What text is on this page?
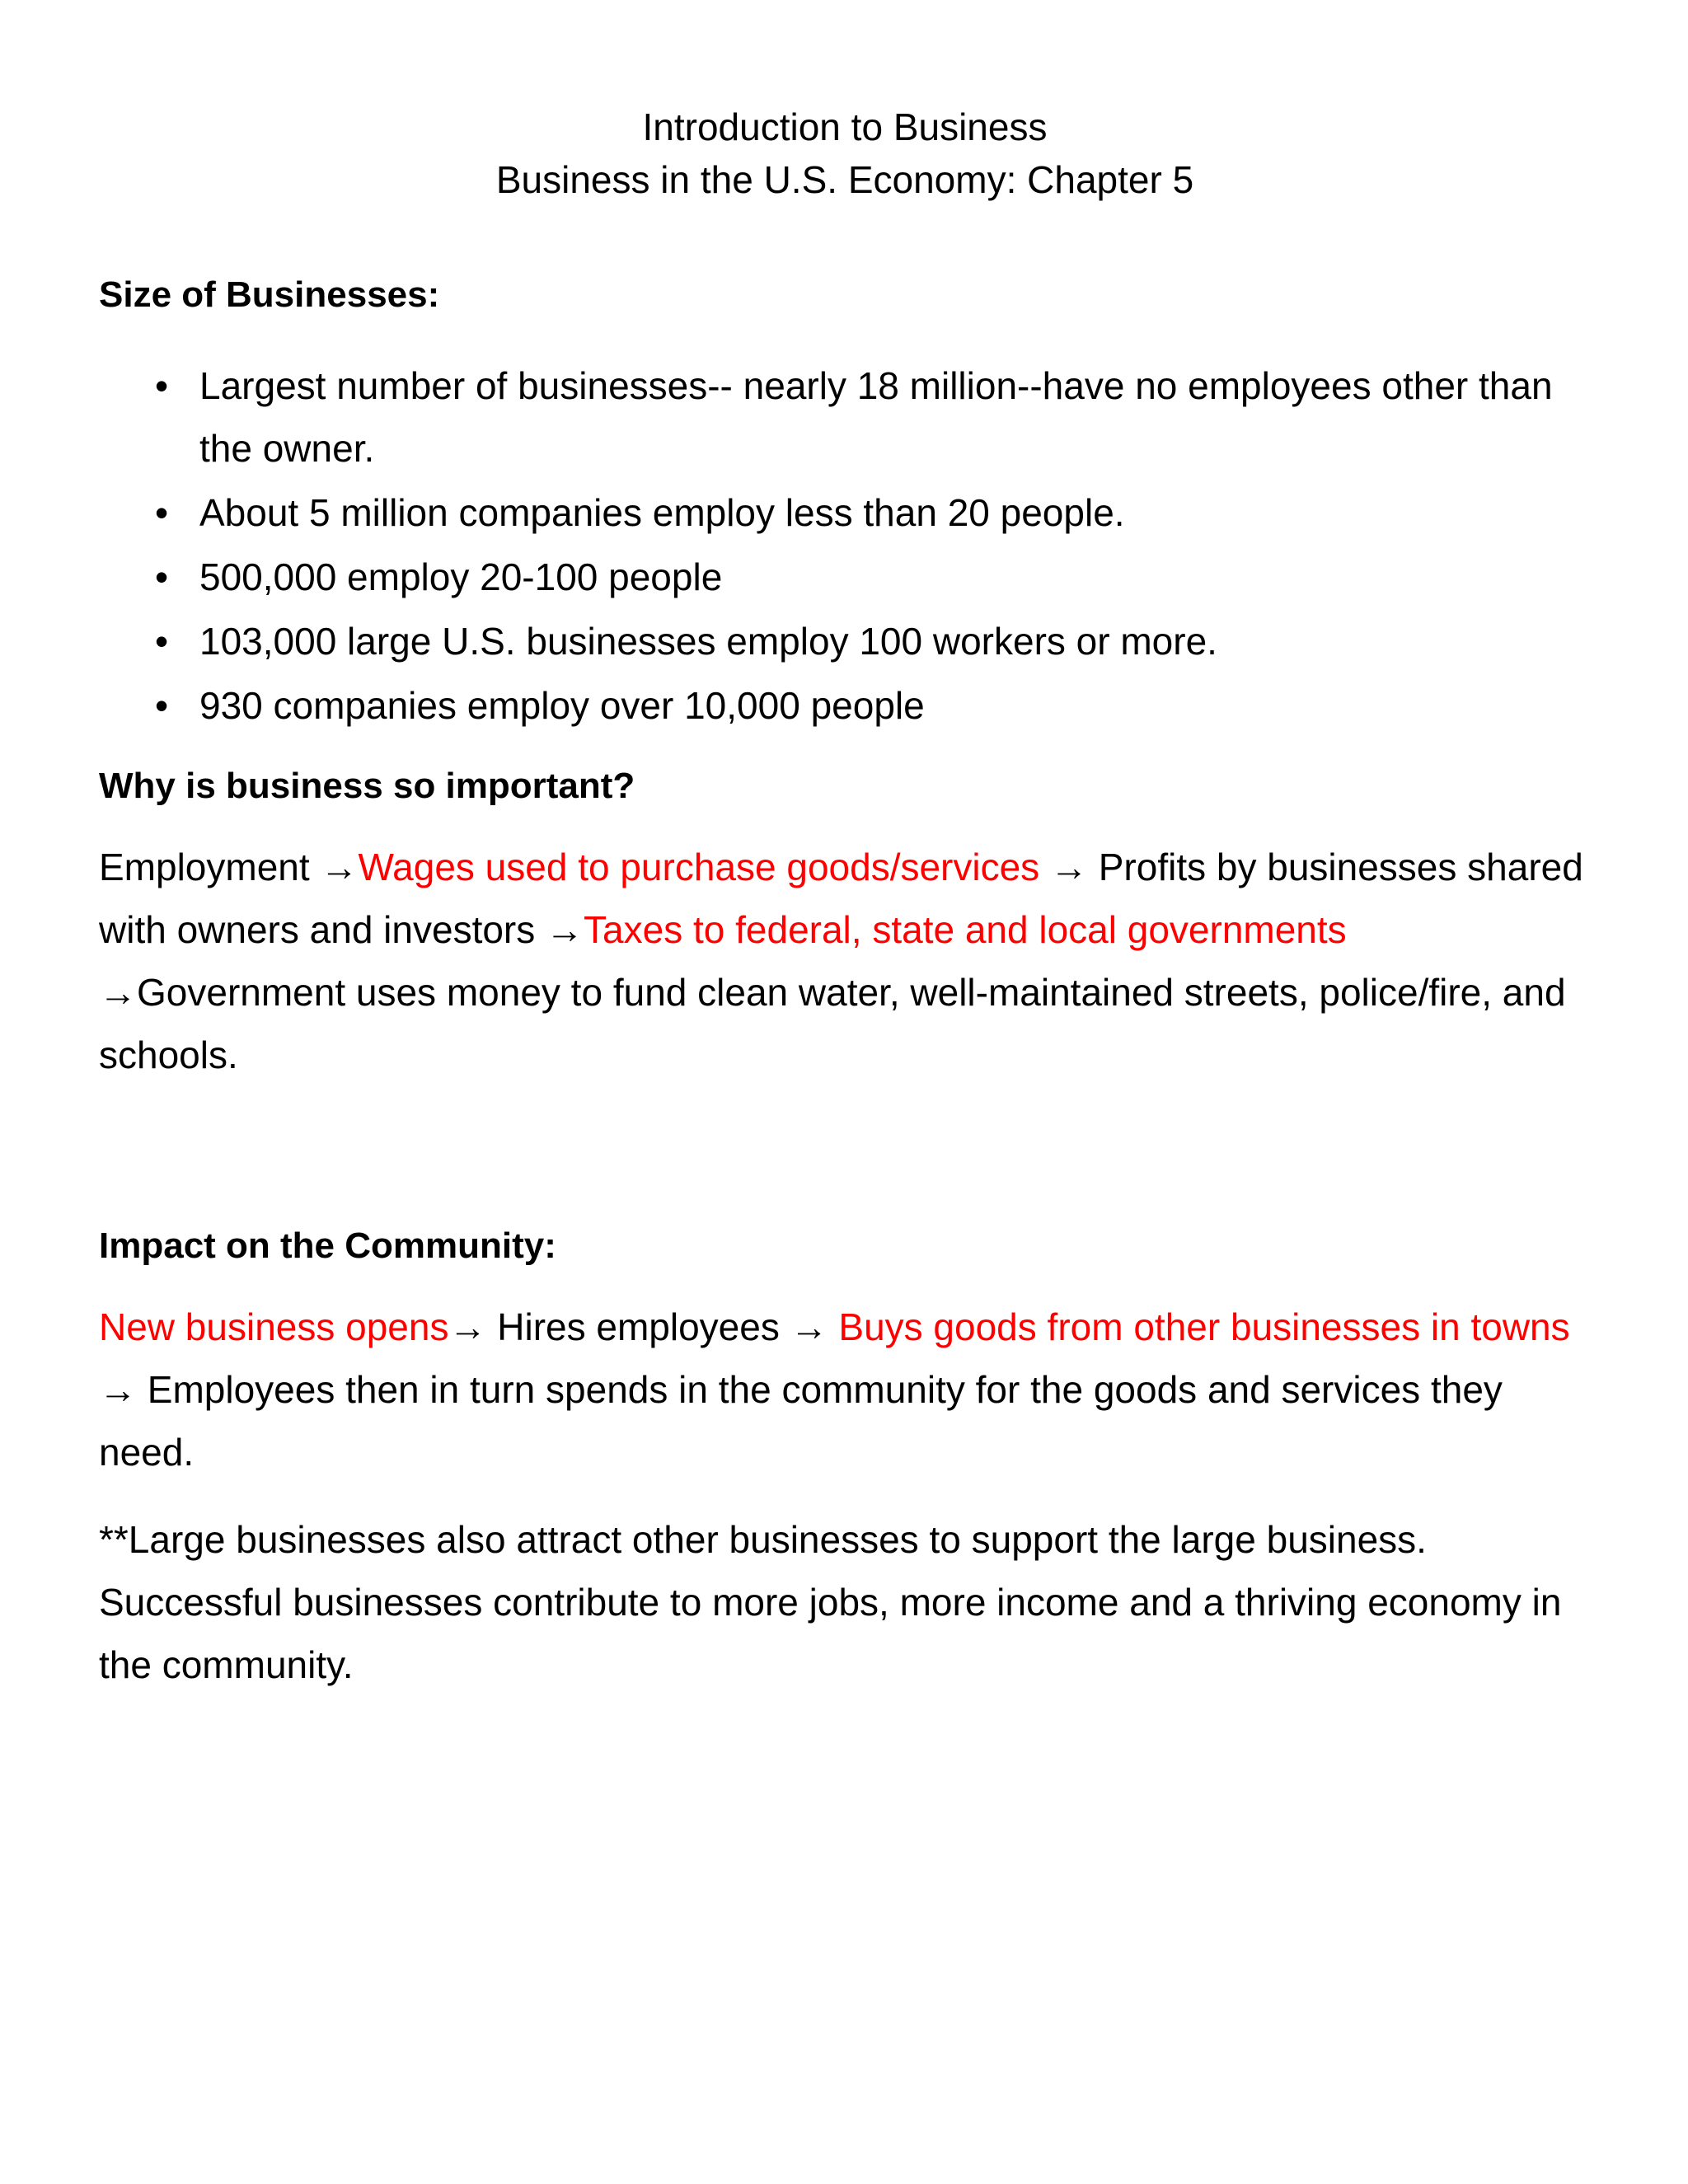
Introduction to Business
Business in the U.S. Economy: Chapter 5
Size of Businesses:
• Largest number of businesses-- nearly 18 million--have no employees other than the owner.
• About 5 million companies employ less than 20 people.
• 500,000 employ 20-100 people
• 103,000 large U.S. businesses employ 100 workers or more.
• 930 companies employ over 10,000 people
Why is business so important?

Employment →Wages used to purchase goods/services → Profits by businesses shared with owners and investors →Taxes to federal, state and local governments →Government uses money to fund clean water, well-maintained streets, police/fire, and schools.

Impact on the Community:

New business opens→ Hires employees → Buys goods from other businesses in towns → Employees then in turn spends in the community for the goods and services they need.

**Large businesses also attract other businesses to support the large business. Successful businesses contribute to more jobs, more income and a thriving economy in the community.
